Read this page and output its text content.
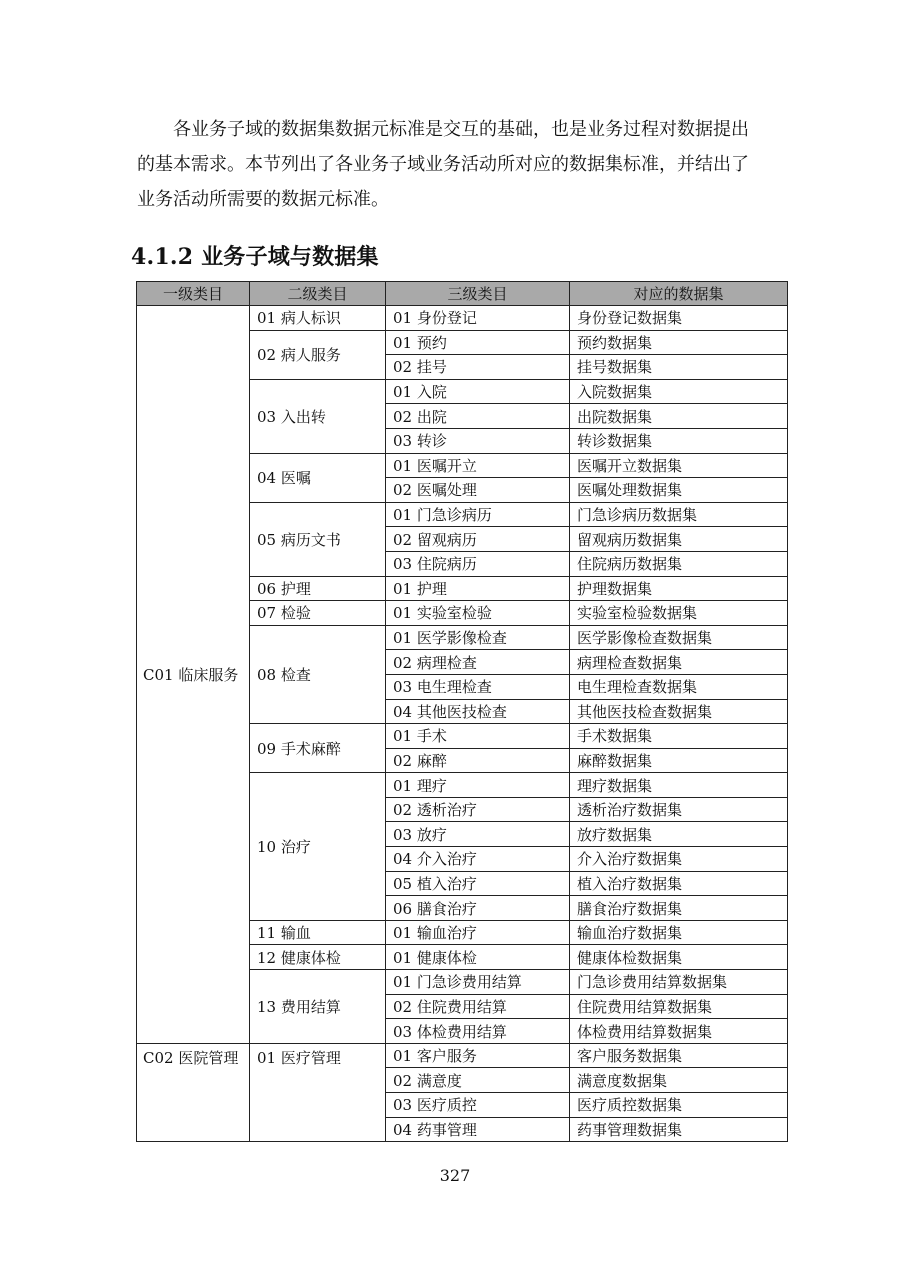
各业务子域的数据集数据元标准是交互的基础，也是业务过程对数据提出
的基本需求。本节列出了各业务子域业务活动所对应的数据集标准，并结出了
业务活动所需要的数据元标准。

4.1.2 业务子域与数据集
一级类目	二级类目	三级类目	对应的数据集
C01 临床服务	01 病人标识	01 身份登记	身份登记数据集
	02 病人服务	01 预约	预约数据集
		02 挂号	挂号数据集
	03 入出转	01 入院	入院数据集
		02 出院	出院数据集
		03 转诊	转诊数据集
	04 医嘱	01 医嘱开立	医嘱开立数据集
		02 医嘱处理	医嘱处理数据集
	05 病历文书	01 门急诊病历	门急诊病历数据集
		02 留观病历	留观病历数据集
		03 住院病历	住院病历数据集
	06 护理	01 护理	护理数据集
	07 检验	01 实验室检验	实验室检验数据集
	08 检查	01 医学影像检查	医学影像检查数据集
		02 病理检查	病理检查数据集
		03 电生理检查	电生理检查数据集
		04 其他医技检查	其他医技检查数据集
	09 手术麻醉	01 手术	手术数据集
		02 麻醉	麻醉数据集
	10 治疗	01 理疗	理疗数据集
		02 透析治疗	透析治疗数据集
		03 放疗	放疗数据集
		04 介入治疗	介入治疗数据集
		05 植入治疗	植入治疗数据集
		06 膳食治疗	膳食治疗数据集
	11 输血	01 输血治疗	输血治疗数据集
	12 健康体检	01 健康体检	健康体检数据集
	13 费用结算	01 门急诊费用结算	门急诊费用结算数据集
		02 住院费用结算	住院费用结算数据集
		03 体检费用结算	体检费用结算数据集
C02 医院管理	01 医疗管理	01 客户服务	客户服务数据集
		02 满意度	满意度数据集
		03 医疗质控	医疗质控数据集
		04 药事管理	药事管理数据集
327
